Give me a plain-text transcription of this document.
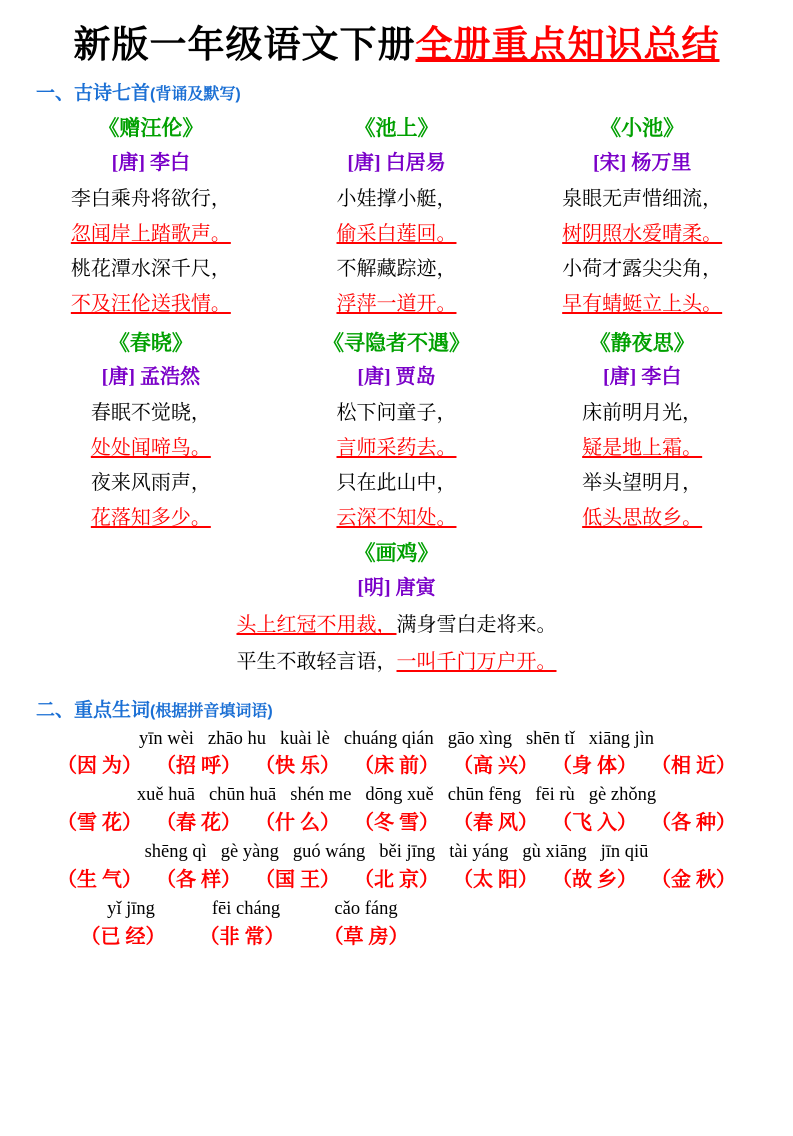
新版一年级语文下册 全册重点知识总结
一、古诗七首(背诵及默写)
《赠汪伦》
[唐] 李白
李白乘舟将欲行，
忽闻岸上踏歌声。
桃花潭水深千尺，
不及汪伦送我情。
《池上》
[唐] 白居易
小娃撑小艇，
偷采白莲回。
不解藏踪迹，
浮萍一道开。
《小池》
[宋] 杨万里
泉眼无声惜细流，
树阴照水爱晴柔。
小荷才露尖尖角，
早有蜻蜓立上头。
《春晓》
[唐] 孟浩然
春眠不觉晓，
处处闻啼鸟。
夜来风雨声，
花落知多少。
《寻隐者不遇》
[唐] 贾岛
松下问童子，
言师采药去。
只在此山中，
云深不知处。
《静夜思》
[唐] 李白
床前明月光，
疑是地上霜。
举头望明月，
低头思故乡。
《画鸡》
[明] 唐寅
头上红冠不用裁，满身雪白走将来。
平生不敢轻言语，一叫千门万户开。
二、重点生词(根据拼音填词语)
yīn wèi zhāo hu kuài lè chuáng qián gāo xìng shēn tǐ xiāng jìn
（因 为） （招 呼） （快 乐） （床 前） （高 兴） （身 体） （相 近）
xuě huā chūn huā shén me dōng xuě chūn fēng fēi rù gè zhǒng
（雪 花） （春 花） （什 么） （冬 雪） （春 风） （飞 入） （各 种）
shēng qì gè yàng guó wáng běi jīng tài yáng gù xiāng jīn qiū
（生 气） （各 样） （国 王） （北 京） （太 阳） （故 乡） （金 秋）
yǐ jīng	fēi cháng	cǎo fáng
（已 经）	（非 常）	（草 房）
